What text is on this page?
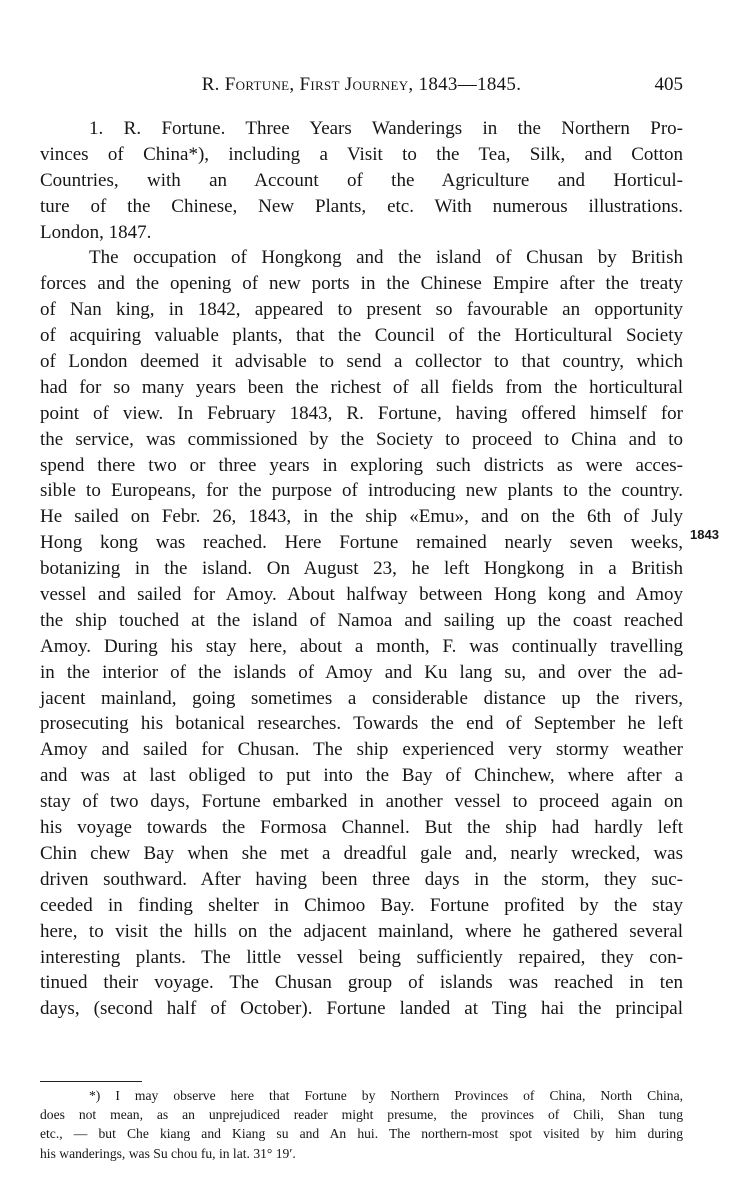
R. Fortune, First Journey, 1843—1845.	405
1. R. Fortune. Three Years Wanderings in the Northern Pro-
vinces of China*), including a Visit to the Tea, Silk, and Cotton
Countries, with an Account of the Agriculture and Horticul-
ture of the Chinese, New Plants, etc. With numerous illustrations.
London, 1847.
The occupation of Hongkong and the island of Chusan by British
forces and the opening of new ports in the Chinese Empire after the treaty
of Nan king, in 1842, appeared to present so favourable an opportunity
of acquiring valuable plants, that the Council of the Horticultural Society
of London deemed it advisable to send a collector to that country, which
had for so many years been the richest of all fields from the horticultural
point of view. In February 1843, R. Fortune, having offered himself for
the service, was commissioned by the Society to proceed to China and to
spend there two or three years in exploring such districts as were acces-
sible to Europeans, for the purpose of introducing new plants to the country.
He sailed on Febr. 26, 1843, in the ship «Emu», and on the 6th of July
Hong kong was reached. Here Fortune remained nearly seven weeks,
botanizing in the island. On August 23, he left Hongkong in a British
vessel and sailed for Amoy. About halfway between Hong kong and Amoy
the ship touched at the island of Namoa and sailing up the coast reached
Amoy. During his stay here, about a month, F. was continually travelling
in the interior of the islands of Amoy and Ku lang su, and over the ad-
jacent mainland, going sometimes a considerable distance up the rivers,
prosecuting his botanical researches. Towards the end of September he left
Amoy and sailed for Chusan. The ship experienced very stormy weather
and was at last obliged to put into the Bay of Chinchew, where after a
stay of two days, Fortune embarked in another vessel to proceed again on
his voyage towards the Formosa Channel. But the ship had hardly left
Chin chew Bay when she met a dreadful gale and, nearly wrecked, was
driven southward. After having been three days in the storm, they suc-
ceeded in finding shelter in Chimoo Bay. Fortune profited by the stay
here, to visit the hills on the adjacent mainland, where he gathered several
interesting plants. The little vessel being sufficiently repaired, they con-
tinued their voyage. The Chusan group of islands was reached in ten
days, (second half of October). Fortune landed at Ting hai the principal
1843
*) I may observe here that Fortune by Northern Provinces of China, North China,
does not mean, as an unprejudiced reader might presume, the provinces of Chili, Shan tung
etc., — but Che kiang and Kiang su and An hui. The northern-most spot visited by him during
his wanderings, was Su chou fu, in lat. 31° 19′.
